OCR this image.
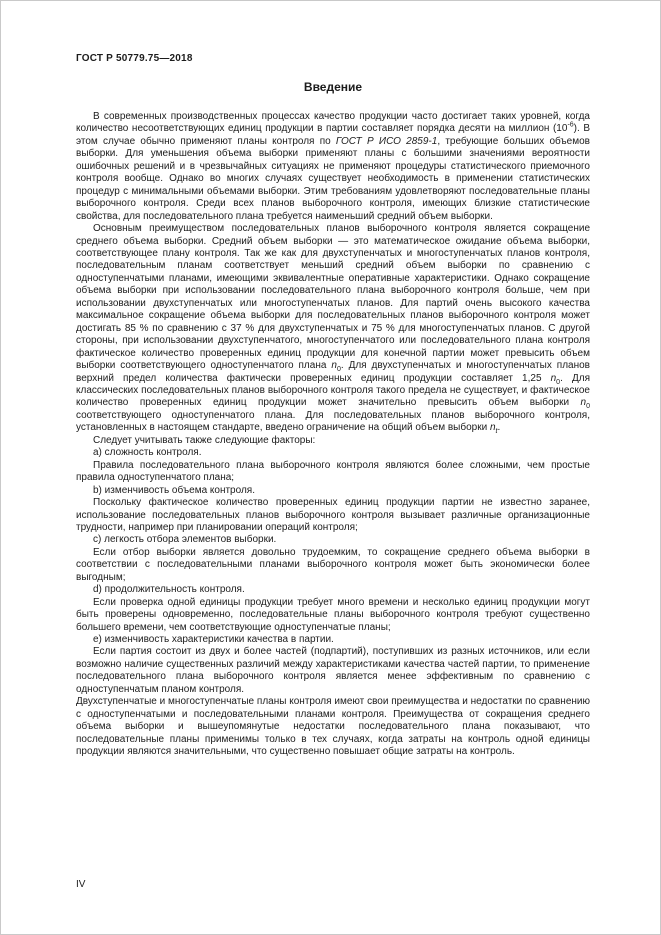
ГОСТ Р 50779.75—2018
Введение

В современных производственных процессах качество продукции часто достигает таких уровней, когда количество несоответствующих единиц продукции в партии составляет порядка десяти на миллион $(10^{-6})$. В этом случае обычно применяют планы контроля по ГОСТ Р ИСО 2859-1, требующие больших объемов выборки. Для уменьшения объема выборки применяют планы с большими значениями вероятности ошибочных решений и в чрезвычайных ситуациях не применяют процедуры статистического приемочного контроля вообще. Однако во многих случаях существует необходимость в применении статистических процедур с минимальными объемами выборки. Этим требованиям удовлетворяют последовательные планы выборочного контроля. Среди всех планов выборочного контроля, имеющих близкие статистические свойства, для последовательного плана требуется наименьший средний объем выборки.

Основным преимуществом последовательных планов выборочного контроля является сокращение среднего объема выборки. Средний объем выборки — это математическое ожидание объема выборки, соответствующее плану контроля. Так же как для двухступенчатых и многоступенчатых планов контроля, последовательным планам соответствует меньший средний объем выборки по сравнению с одноступенчатыми планами, имеющими эквивалентные оперативные характеристики. Однако сокращение объема выборки при использовании последовательного плана выборочного контроля больше, чем при использовании двухступенчатых или многоступенчатых планов. Для партий очень высокого качества максимальное сокращение объема выборки для последовательных планов выборочного контроля может достигать 85 % по сравнению с 37 % для двухступенчатых и 75 % для многоступенчатых планов. С другой стороны, при использовании двухступенчатого, многоступенчатого или последовательного плана контроля фактическое количество проверенных единиц продукции для конечной партии может превысить объем выборки соответствующего одноступенчатого плана $n_0$. Для двухступенчатых и многоступенчатых планов верхний предел количества фактически проверенных единиц продукции составляет 1,25 $n_0$. Для классических последовательных планов выборочного контроля такого предела не существует, и фактическое количество проверенных единиц продукции может значительно превысить объем выборки $n_0$ соответствующего одноступенчатого плана. Для последовательных планов выборочного контроля, установленных в настоящем стандарте, введено ограничение на общий объем выборки $n_t$.

Следует учитывать также следующие факторы:

a) сложность контроля.

Правила последовательного плана выборочного контроля являются более сложными, чем простые правила одноступенчатого плана;

b) изменчивость объема контроля.

Поскольку фактическое количество проверенных единиц продукции партии не известно заранее, использование последовательных планов выборочного контроля вызывает различные организационные трудности, например при планировании операций контроля;

c) легкость отбора элементов выборки.

Если отбор выборки является довольно трудоемким, то сокращение среднего объема выборки в соответствии с последовательными планами выборочного контроля может быть экономически более выгодным;

d) продолжительность контроля.

Если проверка одной единицы продукции требует много времени и несколько единиц продукции могут быть проверены одновременно, последовательные планы выборочного контроля требуют существенно большего времени, чем соответствующие одноступенчатые планы;

e) изменчивость характеристики качества в партии.

Если партия состоит из двух и более частей (подпартий), поступивших из разных источников, или если возможно наличие существенных различий между характеристиками качества частей партии, то применение последовательного плана выборочного контроля является менее эффективным по сравнению с одноступенчатым планом контроля.

Двухступенчатые и многоступенчатые планы контроля имеют свои преимущества и недостатки по сравнению с одноступенчатыми и последовательными планами контроля. Преимущества от сокращения среднего объема выборки и вышеупомянутые недостатки последовательного плана показывают, что последовательные планы применимы только в тех случаях, когда затраты на контроль одной единицы продукции являются значительными, что существенно повышает общие затраты на контроль.

IV
